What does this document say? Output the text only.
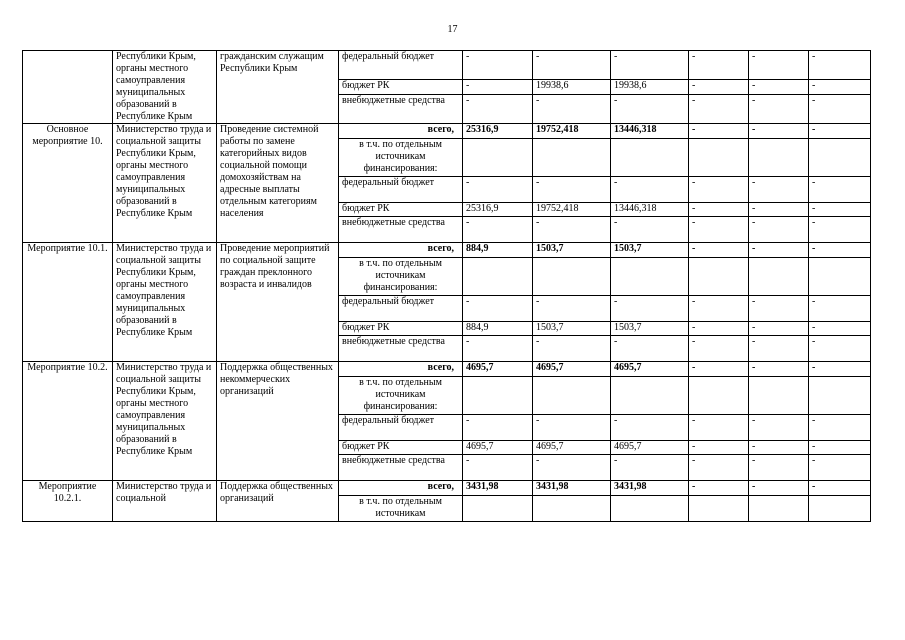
17
	Республики Крым, органы местного самоуправления муниципальных образований в Республике Крым	гражданским служащим Республики Крым	федеральный бюджет	-	-	-	-	-	-
			бюджет РК	-	19938,6	19938,6	-	-	-
			внебюджетные средства	-	-	-	-	-	-
Основное мероприятие 10.	Министерство труда и социальной защиты Республики Крым, органы местного самоуправления муниципальных образований в Республике Крым	Проведение системной работы по замене категорийных видов социальной помощи домохозяйствам на адресные выплаты отдельным категориям населения	всего,	25316,9	19752,418	13446,318	-	-	-
			в т.ч. по отдельным источникам финансирования:						
			федеральный бюджет	-	-	-	-	-	-
			бюджет РК	25316,9	19752,418	13446,318	-	-	-
			внебюджетные средства	-	-	-	-	-	-
Мероприятие 10.1.	Министерство труда и социальной защиты Республики Крым, органы местного самоуправления муниципальных образований в Республике Крым	Проведение мероприятий по социальной защите граждан преклонного возраста и инвалидов	всего,	884,9	1503,7	1503,7	-	-	-
			в т.ч. по отдельным источникам финансирования:						
			федеральный бюджет	-	-	-	-	-	-
			бюджет РК	884,9	1503,7	1503,7	-	-	-
			внебюджетные средства	-	-	-	-	-	-
Мероприятие 10.2.	Министерство труда и социальной защиты Республики Крым, органы местного самоуправления муниципальных образований в Республике Крым	Поддержка общественных некоммерческих организаций	всего,	4695,7	4695,7	4695,7	-	-	-
			в т.ч. по отдельным источникам финансирования:						
			федеральный бюджет	-	-	-	-	-	-
			бюджет РК	4695,7	4695,7	4695,7	-	-	-
			внебюджетные средства	-	-	-	-	-	-
Мероприятие 10.2.1.	Министерство труда и социальной	Поддержка общественных организаций	всего,	3431,98	3431,98	3431,98	-	-	-
			в т.ч. по отдельным источникам						
